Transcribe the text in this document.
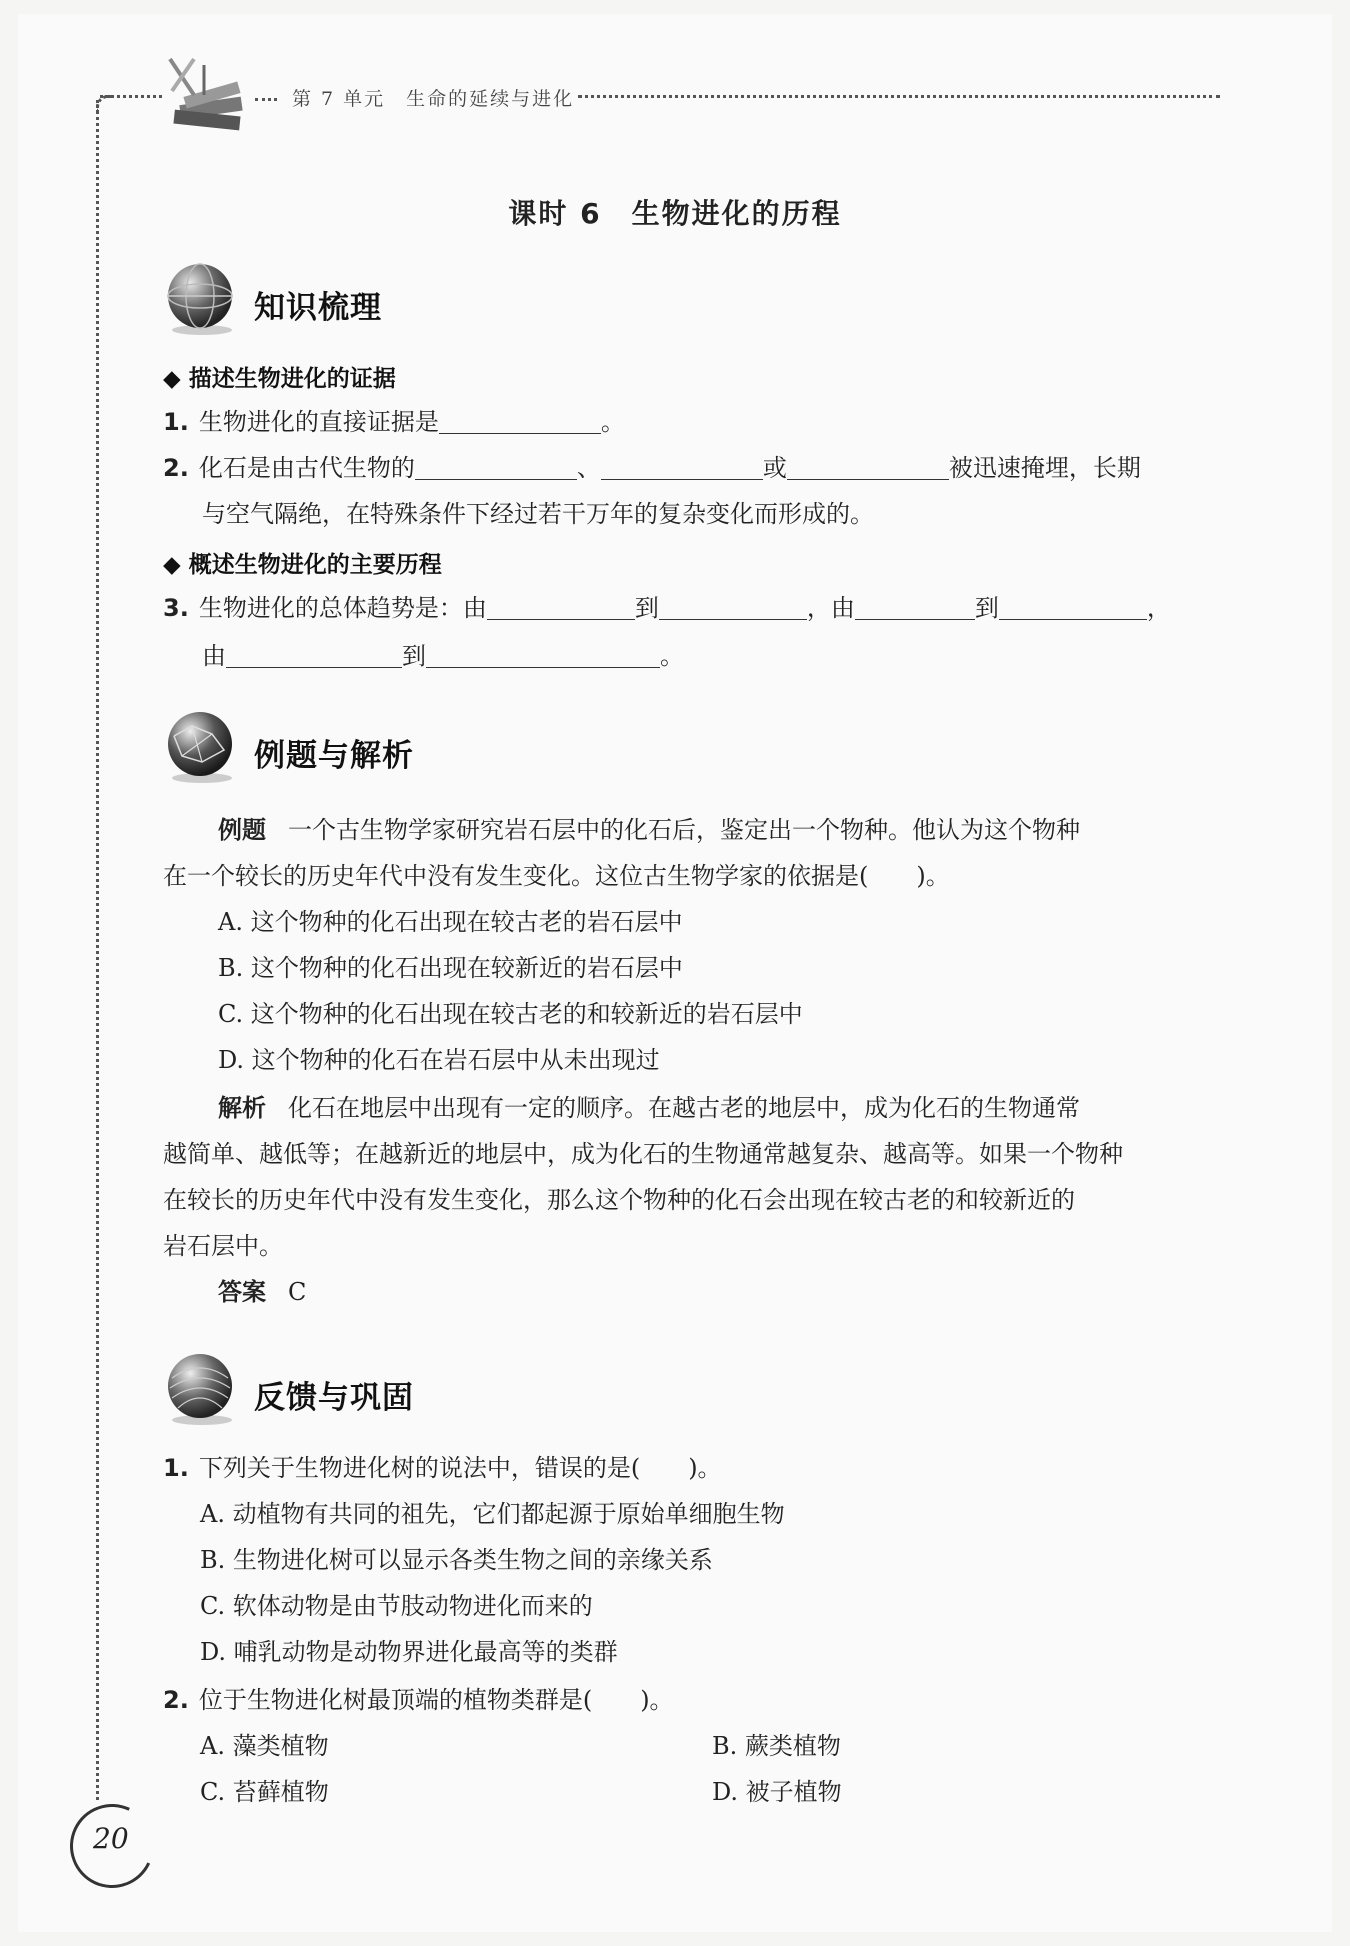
第 7 单元　生命的延续与进化
课时 6　生物进化的历程
知识梳理
◆ 描述生物进化的证据
1. 生物进化的直接证据是	。
2. 化石是由古代生物的	、	或	被迅速掩埋，长期
与空气隔绝，在特殊条件下经过若干万年的复杂变化而形成的。
◆ 概述生物进化的主要历程
3. 生物进化的总体趋势是：由	到	，由	到	，
由	到	。
例题与解析
例题 一个古生物学家研究岩石层中的化石后，鉴定出一个物种。他认为这个物种
在一个较长的历史年代中没有发生变化。这位古生物学家的依据是(　　)。
A. 这个物种的化石出现在较古老的岩石层中
B. 这个物种的化石出现在较新近的岩石层中
C. 这个物种的化石出现在较古老的和较新近的岩石层中
D. 这个物种的化石在岩石层中从未出现过
解析 化石在地层中出现有一定的顺序。在越古老的地层中，成为化石的生物通常
越简单、越低等；在越新近的地层中，成为化石的生物通常越复杂、越高等。如果一个物种
在较长的历史年代中没有发生变化，那么这个物种的化石会出现在较古老的和较新近的
岩石层中。
答案 C
反馈与巩固
1. 下列关于生物进化树的说法中，错误的是(　　)。
A. 动植物有共同的祖先，它们都起源于原始单细胞生物
B. 生物进化树可以显示各类生物之间的亲缘关系
C. 软体动物是由节肢动物进化而来的
D. 哺乳动物是动物界进化最高等的类群
2. 位于生物进化树最顶端的植物类群是(　　)。
A. 藻类植物	B. 蕨类植物
C. 苔藓植物	D. 被子植物
20
